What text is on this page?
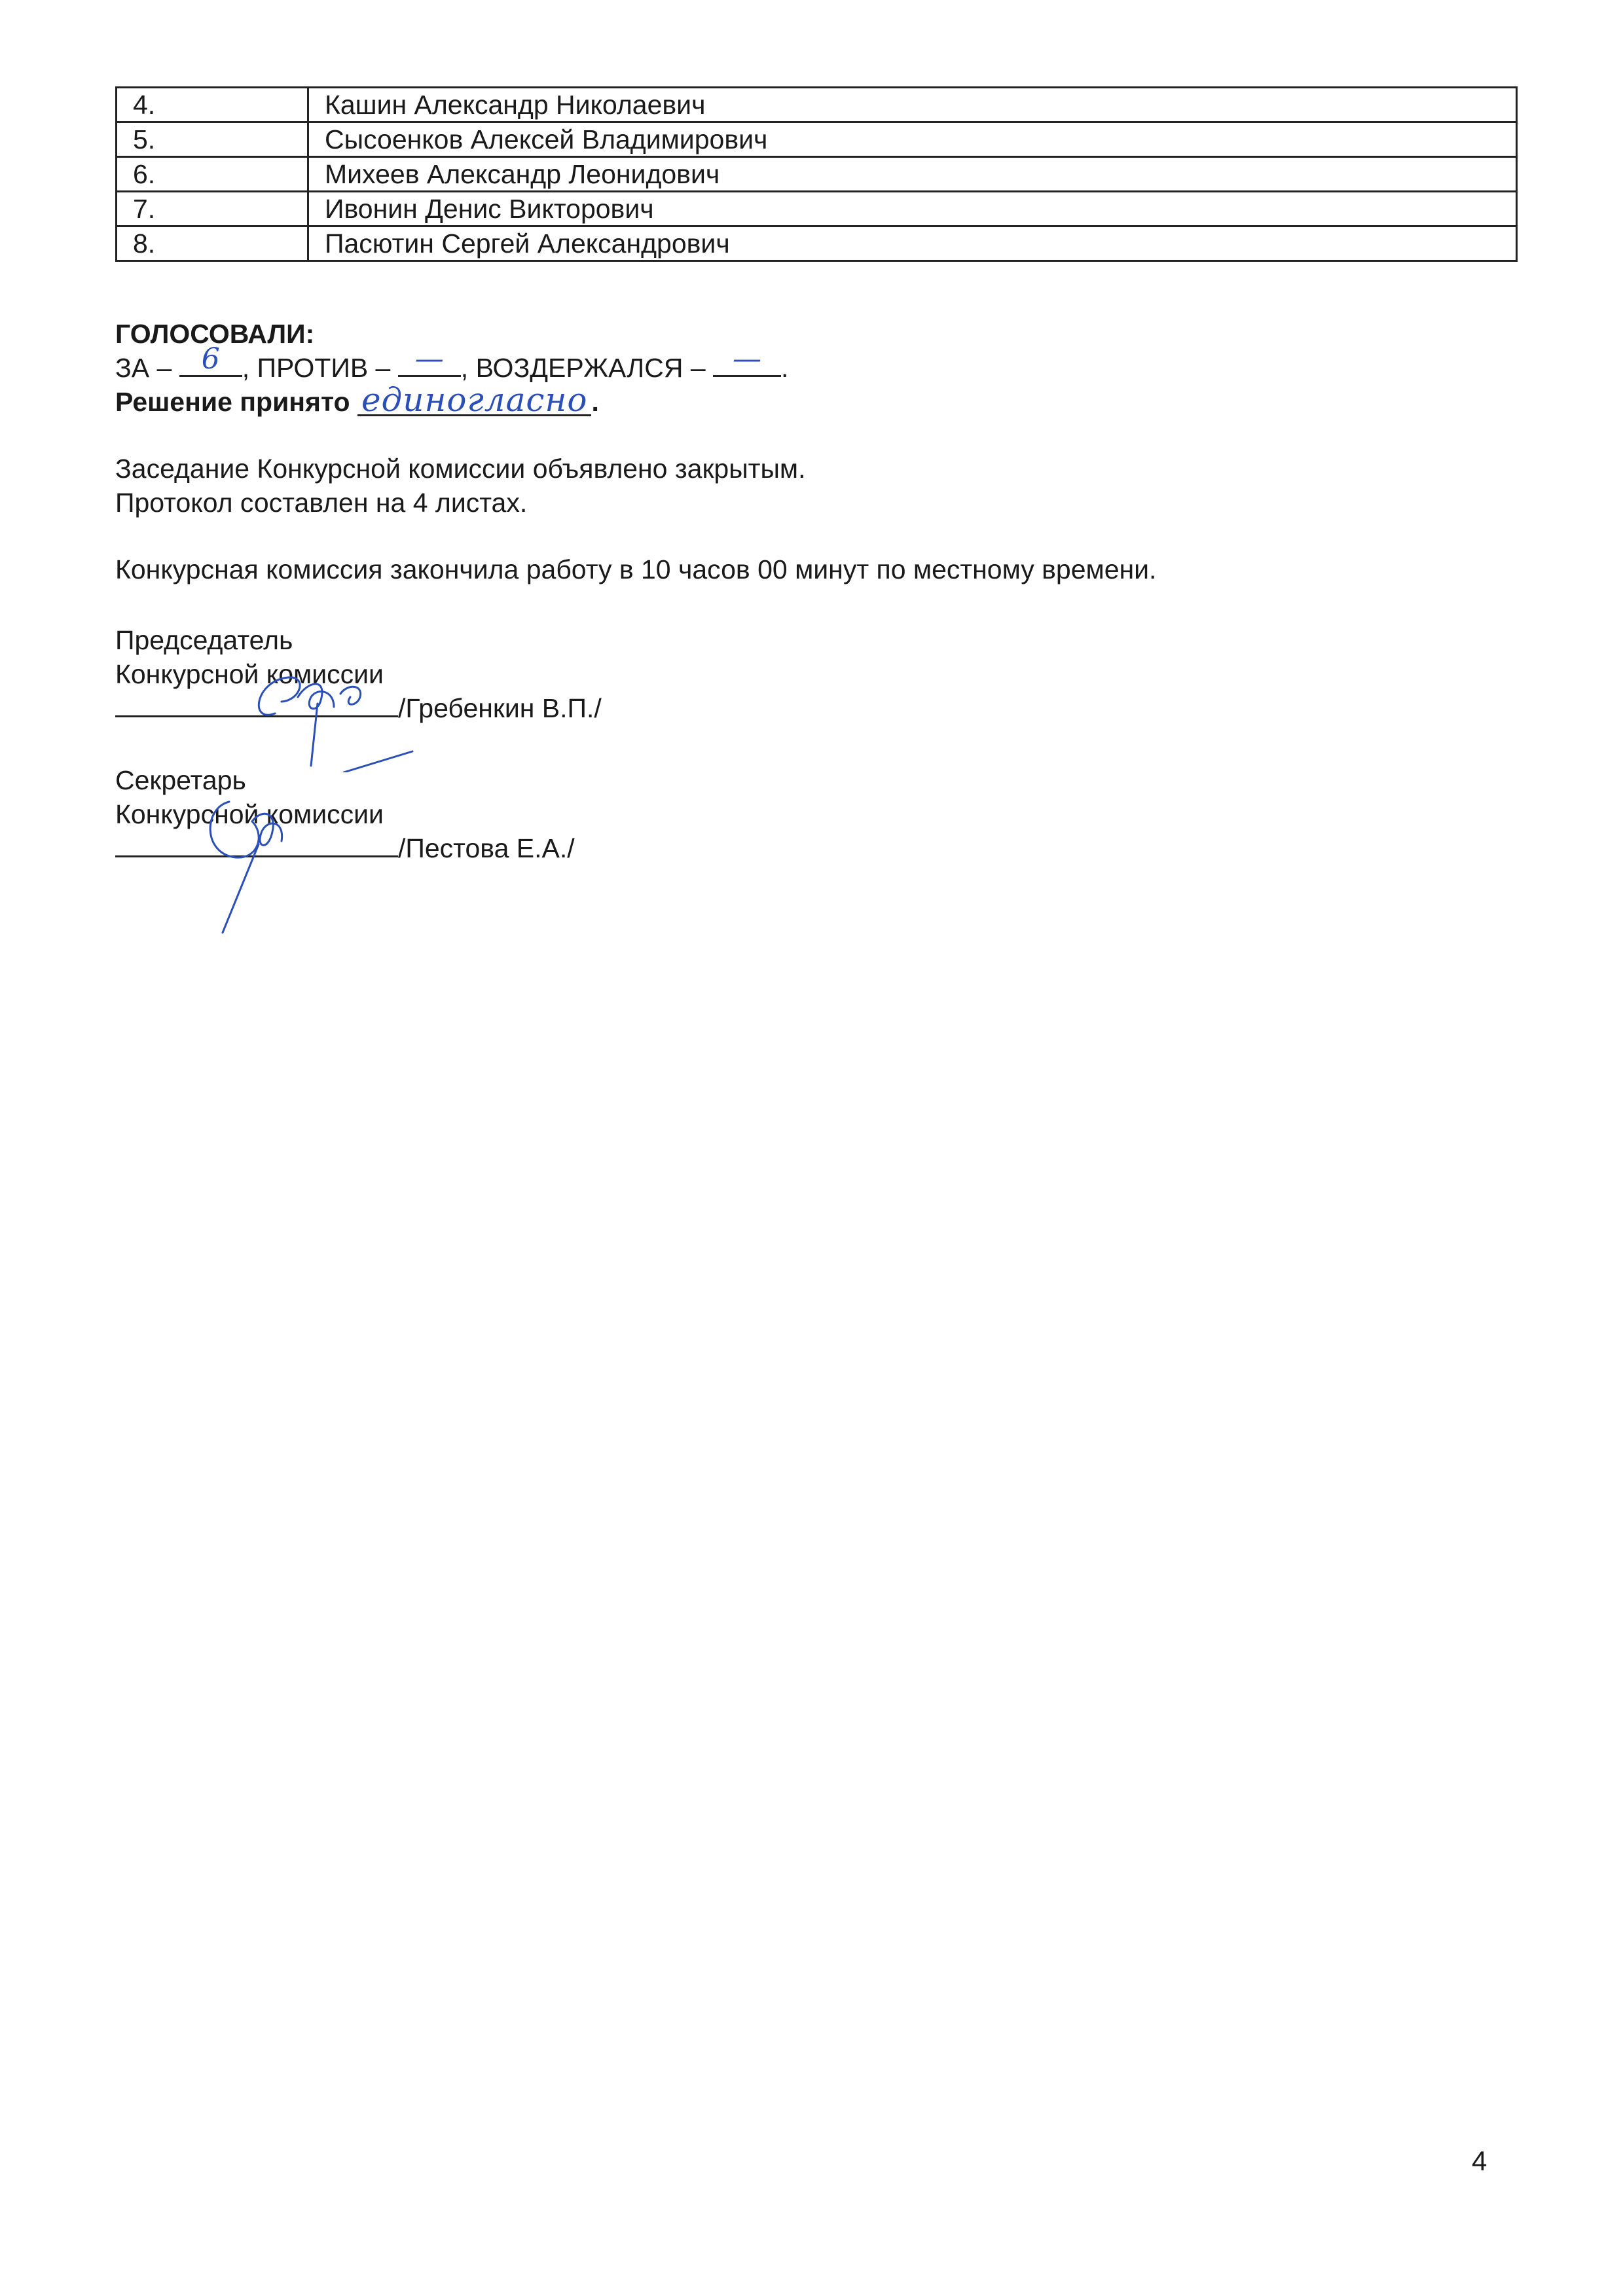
4.	Кашин Александр Николаевич
5.	Сысоенков Алексей Владимирович
6.	Михеев Александр Леонидович
7.	Ивонин Денис Викторович
8.	Пасютин Сергей Александрович
ГОЛОСОВАЛИ:
ЗА –	6 , ПРОТИВ – — , ВОЗДЕРЖАЛСЯ – — .
Решение принято единогласно .
Заседание Конкурсной комиссии объявлено закрытым.
Протокол составлен на 4 листах.
Конкурсная комиссия закончила работу в 10 часов 00 минут по местному времени.
Председатель
Конкурсной комиссии
/Гребенкин В.П./
Секретарь
Конкурсной комиссии
/Пестова Е.А./
4
